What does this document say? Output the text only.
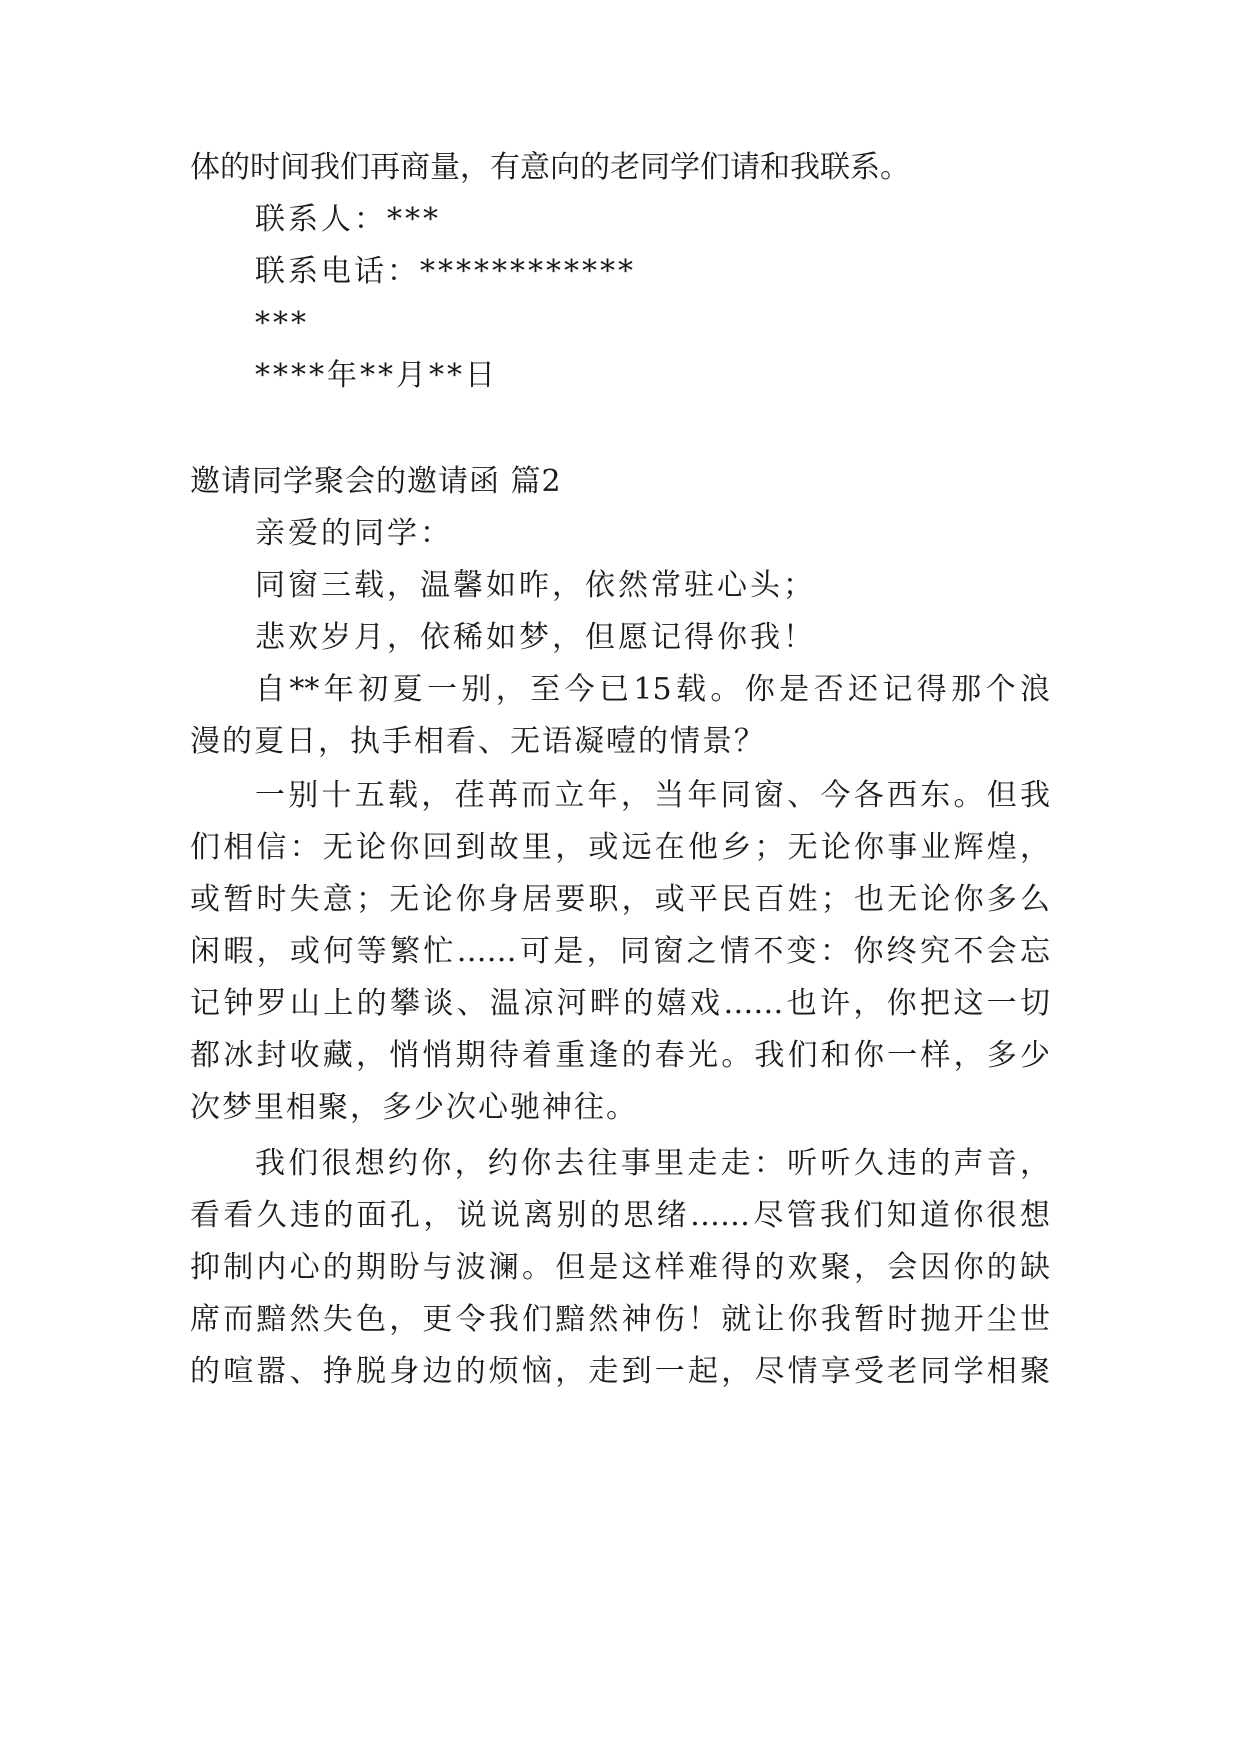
体的时间我们再商量，有意向的老同学们请和我联系。
联系人：***
联系电话：************
***
****年**月**日
邀请同学聚会的邀请函 篇2
亲爱的同学：
同窗三载，温馨如昨，依然常驻心头；
悲欢岁月，依稀如梦，但愿记得你我！
自**年初夏一别，至今已15载。你是否还记得那个浪
漫的夏日，执手相看、无语凝噎的情景？
一别十五载，荏苒而立年，当年同窗、今各西东。但我
们相信：无论你回到故里，或远在他乡；无论你事业辉煌，
或暂时失意；无论你身居要职，或平民百姓；也无论你多么
闲暇，或何等繁忙……可是，同窗之情不变：你终究不会忘
记钟罗山上的攀谈、温凉河畔的嬉戏……也许，你把这一切
都冰封收藏，悄悄期待着重逢的春光。我们和你一样，多少
次梦里相聚，多少次心驰神往。
我们很想约你，约你去往事里走走：听听久违的声音，
看看久违的面孔，说说离别的思绪……尽管我们知道你很想
抑制内心的期盼与波澜。但是这样难得的欢聚，会因你的缺
席而黯然失色，更令我们黯然神伤！就让你我暂时抛开尘世
的喧嚣、挣脱身边的烦恼，走到一起，尽情享受老同学相聚
